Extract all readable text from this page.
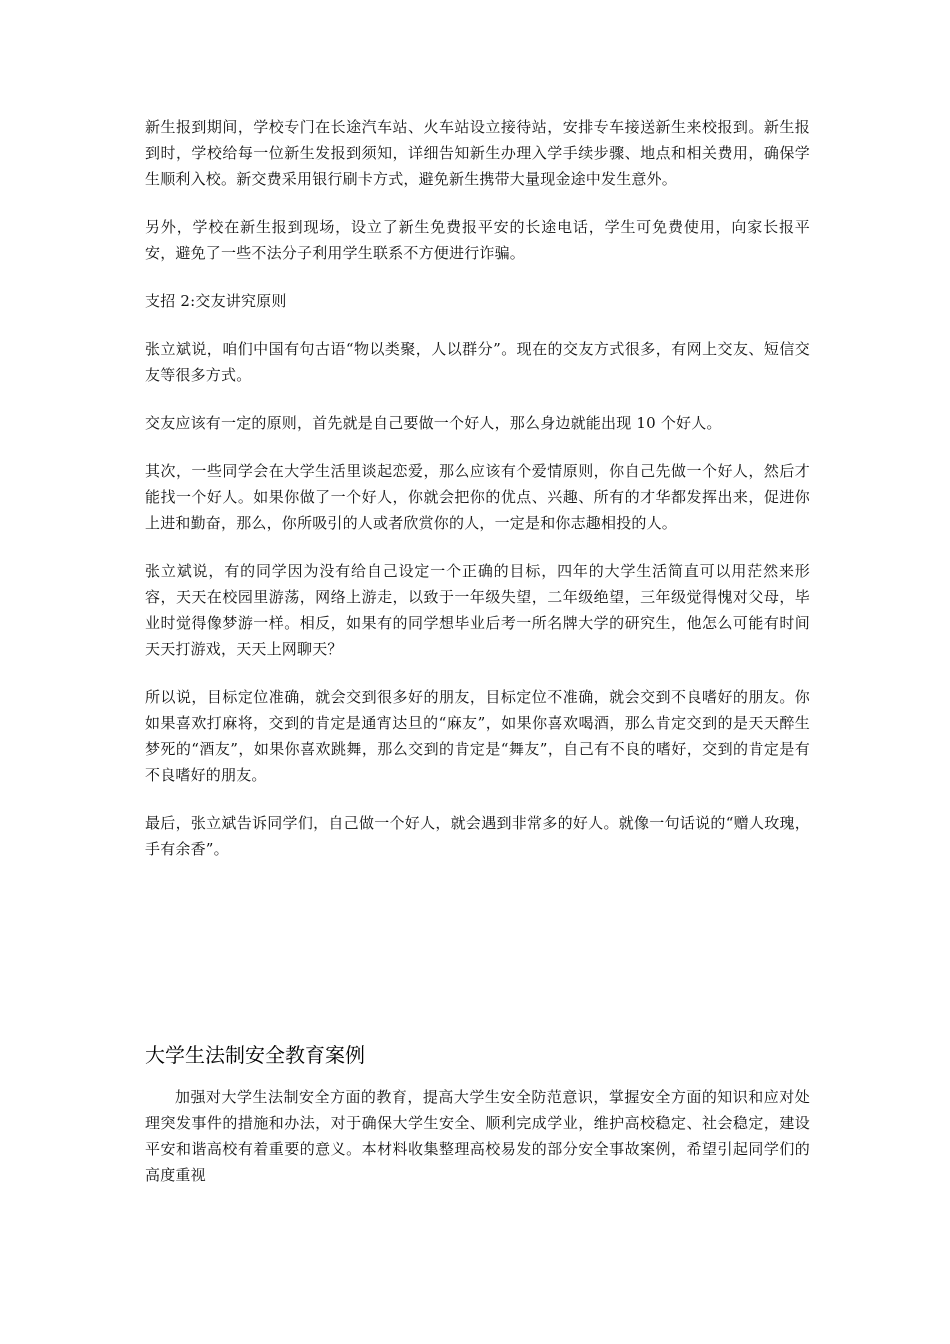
新生报到期间，学校专门在长途汽车站、火车站设立接待站，安排专车接送新生来校报到。新生报到时，学校给每一位新生发报到须知，详细告知新生办理入学手续步骤、地点和相关费用，确保学生顺利入校。新交费采用银行刷卡方式，避免新生携带大量现金途中发生意外。

另外，学校在新生报到现场，设立了新生免费报平安的长途电话，学生可免费使用，向家长报平安，避免了一些不法分子利用学生联系不方便进行诈骗。

支招 2:交友讲究原则

张立斌说，咱们中国有句古语“物以类聚，人以群分”。现在的交友方式很多，有网上交友、短信交友等很多方式。

交友应该有一定的原则，首先就是自己要做一个好人，那么身边就能出现 10 个好人。

其次，一些同学会在大学生活里谈起恋爱，那么应该有个爱情原则，你自己先做一个好人，然后才能找一个好人。如果你做了一个好人，你就会把你的优点、兴趣、所有的才华都发挥出来，促进你上进和勤奋，那么，你所吸引的人或者欣赏你的人，一定是和你志趣相投的人。

张立斌说，有的同学因为没有给自己设定一个正确的目标，四年的大学生活简直可以用茫然来形容，天天在校园里游荡，网络上游走，以致于一年级失望，二年级绝望，三年级觉得愧对父母，毕业时觉得像梦游一样。相反，如果有的同学想毕业后考一所名牌大学的研究生，他怎么可能有时间天天打游戏，天天上网聊天？

所以说，目标定位准确，就会交到很多好的朋友，目标定位不准确，就会交到不良嗜好的朋友。你如果喜欢打麻将，交到的肯定是通宵达旦的“麻友”，如果你喜欢喝酒，那么肯定交到的是天天醉生梦死的“酒友”，如果你喜欢跳舞，那么交到的肯定是“舞友”，自己有不良的嗜好，交到的肯定是有不良嗜好的朋友。

最后，张立斌告诉同学们，自己做一个好人，就会遇到非常多的好人。就像一句话说的“赠人玫瑰，手有余香”。

大学生法制安全教育案例

加强对大学生法制安全方面的教育，提高大学生安全防范意识，掌握安全方面的知识和应对处理突发事件的措施和办法，对于确保大学生安全、顺利完成学业，维护高校稳定、社会稳定，建设平安和谐高校有着重要的意义。本材料收集整理高校易发的部分安全事故案例，希望引起同学们的高度重视
